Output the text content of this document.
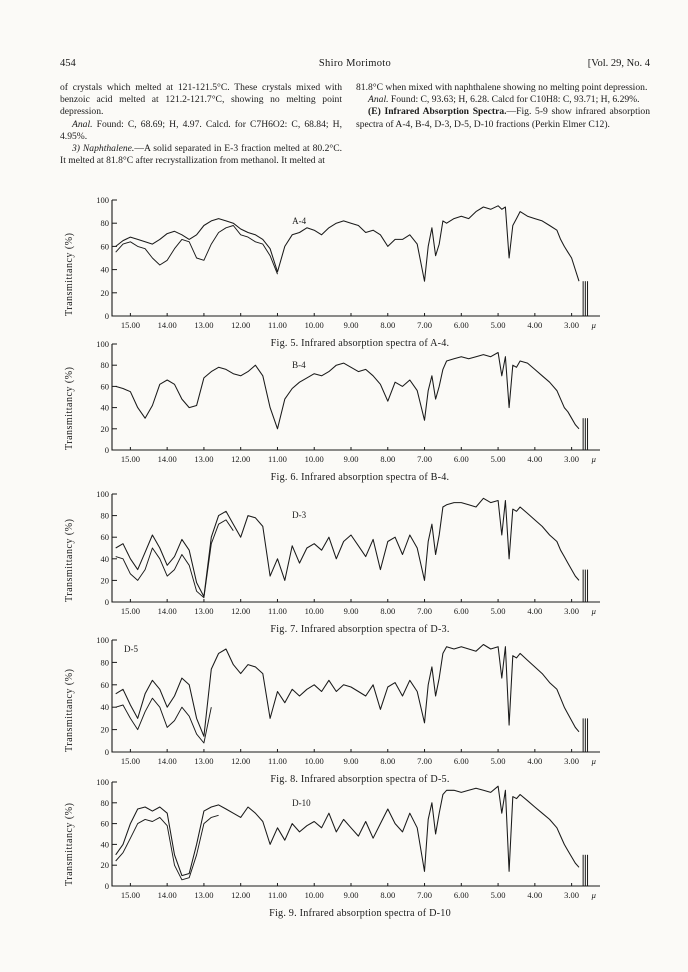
454	Shiro Morimoto	[Vol. 29, No. 4

of crystals which melted at 121-121.5°C. These crystals mixed with benzoic acid melted at 121.2-121.7°C, showing no melting point depression.

Anal. Found: C, 68.69; H, 4.97. Calcd. for C7H6O2: C, 68.84; H, 4.95%.

3) Naphthalene.—A solid separated in E-3 fraction melted at 80.2°C. It melted at 81.8°C after recrystallization from methanol. It melted at

81.8°C when mixed with naphthalene showing no melting point depression.

Anal. Found: C, 93.63; H, 6.28. Calcd for C10H8: C, 93.71; H, 6.29%.

(E) Infrared Absorption Spectra.—Fig. 5-9 show infrared absorption spectra of A-4, B-4, D-3, D-5, D-10 fractions (Perkin Elmer C12).

Transmittancy (%)
100
80
60
40
20
0
15.00 14.00 13.00 12.00 11.00 10.00 9.00	8.00	7.00	6.00	5.00	4.00	3.00 μ
A-4
Fig. 5. Infrared absorption spectra of A-4.
Transmittancy (%)
100
80
60
40
20
0
15.00 14.00 13.00 12.00 11.00 10.00 9.00	8.00	7.00	6.00	5.00	4.00	3.00 μ
B-4
Fig. 6. Infrared absorption spectra of B-4.
Transmittancy (%)
100
80
60
40
20
0
15.00 14.00 13.00 12.00 11.00 10.00 9.00	8.00	7.00	6.00	5.00	4.00	3.00 μ
D-3
Fig. 7. Infrared absorption spectra of D-3.
Transmittancy (%)
100
80
60
40
20
0
15.00 14.00 13.00 12.00 11.00 10.00 9.00	8.00	7.00	6.00	5.00	4.00	3.00 μ
D-5
Fig. 8. Infrared absorption spectra of D-5.
Transmittancy (%)
100
80
60
40
20
0
15.00 14.00 13.00 12.00 11.00 10.00 9.00	8.00	7.00	6.00	5.00	4.00	3.00 μ
D-10
Fig. 9. Infrared absorption spectra of D-10
